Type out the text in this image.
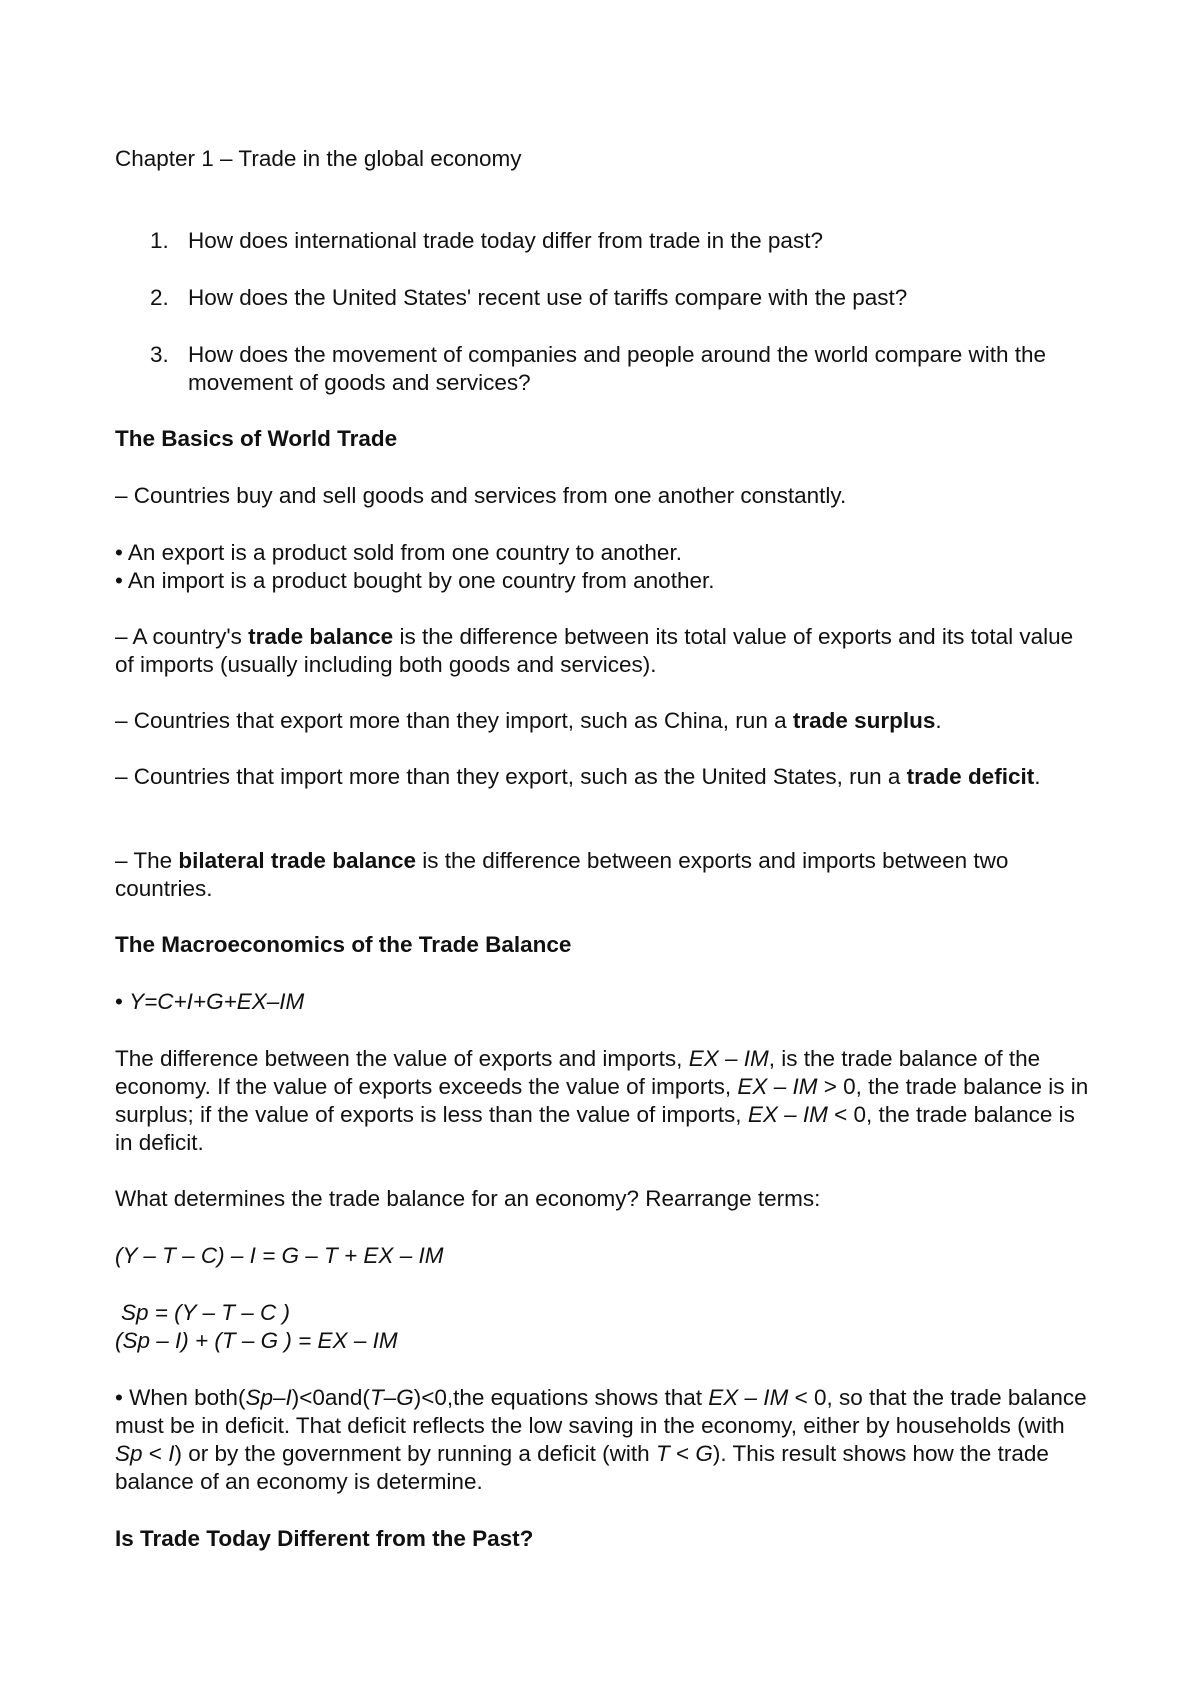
Chapter 1 – Trade in the global economy

1. How does international trade today differ from trade in the past?
2. How does the United States' recent use of tariffs compare with the past?
3. How does the movement of companies and people around the world compare with the movement of goods and services?

The Basics of World Trade

– Countries buy and sell goods and services from one another constantly.

• An export is a product sold from one country to another.
• An import is a product bought by one country from another.

– A country's trade balance is the difference between its total value of exports and its total value of imports (usually including both goods and services).

– Countries that export more than they import, such as China, run a trade surplus.

– Countries that import more than they export, such as the United States, run a trade deficit.

– The bilateral trade balance is the difference between exports and imports between two countries.

The Macroeconomics of the Trade Balance

• Y=C+I+G+EX–IM

The difference between the value of exports and imports, EX – IM, is the trade balance of the economy. If the value of exports exceeds the value of imports, EX – IM > 0, the trade balance is in surplus; if the value of exports is less than the value of imports, EX – IM < 0, the trade balance is in deficit.

What determines the trade balance for an economy? Rearrange terms:

(Y – T – C) – I = G – T + EX – IM

Sp = (Y – T – C )

(Sp – I) + (T – G ) = EX – IM

• When both(Sp–I)<0and(T–G)<0,the equations shows that EX – IM < 0, so that the trade balance must be in deficit. That deficit reflects the low saving in the economy, either by households (with Sp < I) or by the government by running a deficit (with T < G). This result shows how the trade balance of an economy is determine.

Is Trade Today Different from the Past?
